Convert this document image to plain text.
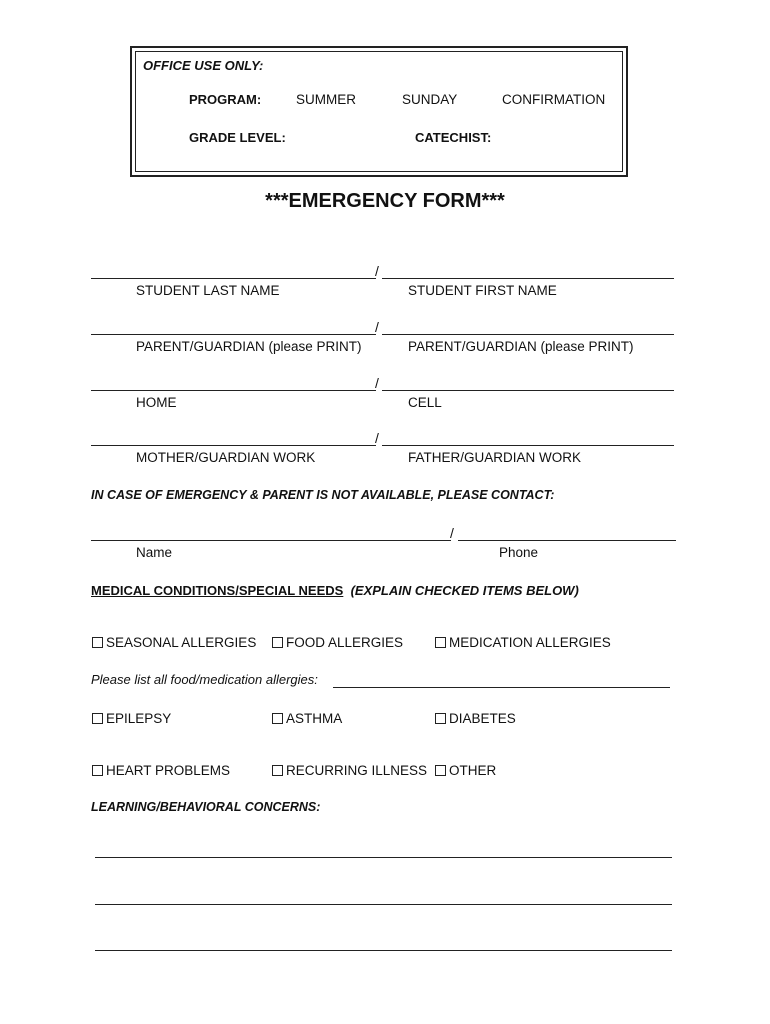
OFFICE USE ONLY:
PROGRAM:	SUMMER	SUNDAY	CONFIRMATION
GRADE LEVEL:	CATECHIST:
***EMERGENCY FORM***
/
STUDENT LAST NAME	STUDENT FIRST NAME
/
PARENT/GUARDIAN (please PRINT)	PARENT/GUARDIAN (please PRINT)
/
HOME	CELL
/
MOTHER/GUARDIAN WORK	FATHER/GUARDIAN WORK
IN CASE OF EMERGENCY & PARENT IS NOT AVAILABLE, PLEASE CONTACT:
/
Name	Phone
MEDICAL CONDITIONS/SPECIAL NEEDS (EXPLAIN CHECKED ITEMS BELOW)
SEASONAL ALLERGIES	FOOD ALLERGIES	MEDICATION ALLERGIES
Please list all food/medication allergies:
EPILEPSY	ASTHMA	DIABETES
HEART PROBLEMS	RECURRING ILLNESS	OTHER
LEARNING/BEHAVIORAL CONCERNS:
